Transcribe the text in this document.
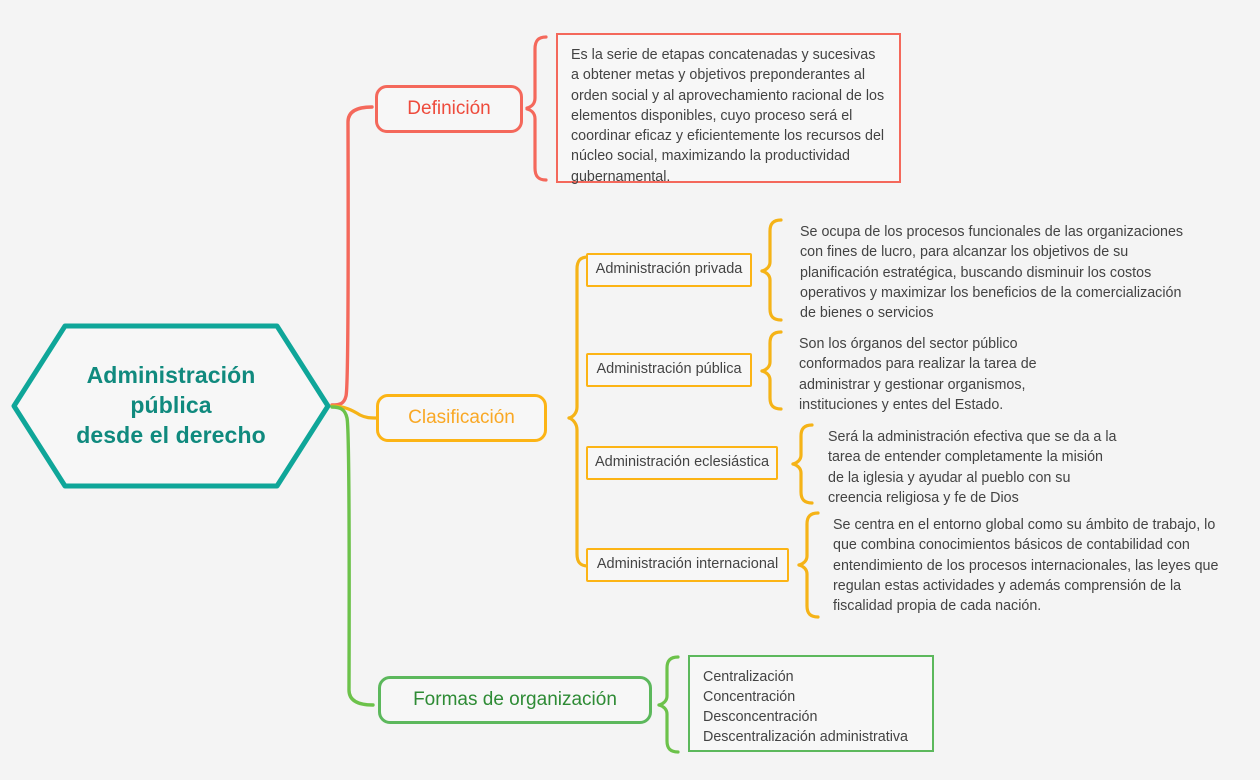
Administración
pública
desde el derecho
Definición

Es la serie de etapas concatenadas y sucesivas a obtener metas y objetivos preponderantes al orden social y al aprovechamiento racional de los elementos disponibles, cuyo proceso será el coordinar eficaz y eficientemente los recursos del núcleo social, maximizando la productividad gubernamental.

Clasificación
Administración privada

Se ocupa de los procesos funcionales de las organizaciones con fines de lucro, para alcanzar los objetivos de su planificación estratégica, buscando disminuir los costos operativos y maximizar los beneficios de la comercialización de bienes o servicios

Administración pública

Son los órganos del sector público conformados para realizar la tarea de administrar y gestionar organismos, instituciones y entes del Estado.

Administración eclesiástica

Será la administración efectiva que se da a la tarea de entender completamente la misión de la iglesia y ayudar al pueblo con su creencia religiosa y fe de Dios

Administración internacional

Se centra en el entorno global como su ámbito de trabajo, lo que combina conocimientos básicos de contabilidad con entendimiento de los procesos internacionales, las leyes que regulan estas actividades y además comprensión de la fiscalidad propia de cada nación.

Formas de organización

Centralización

Concentración

Desconcentración

Descentralización administrativa
